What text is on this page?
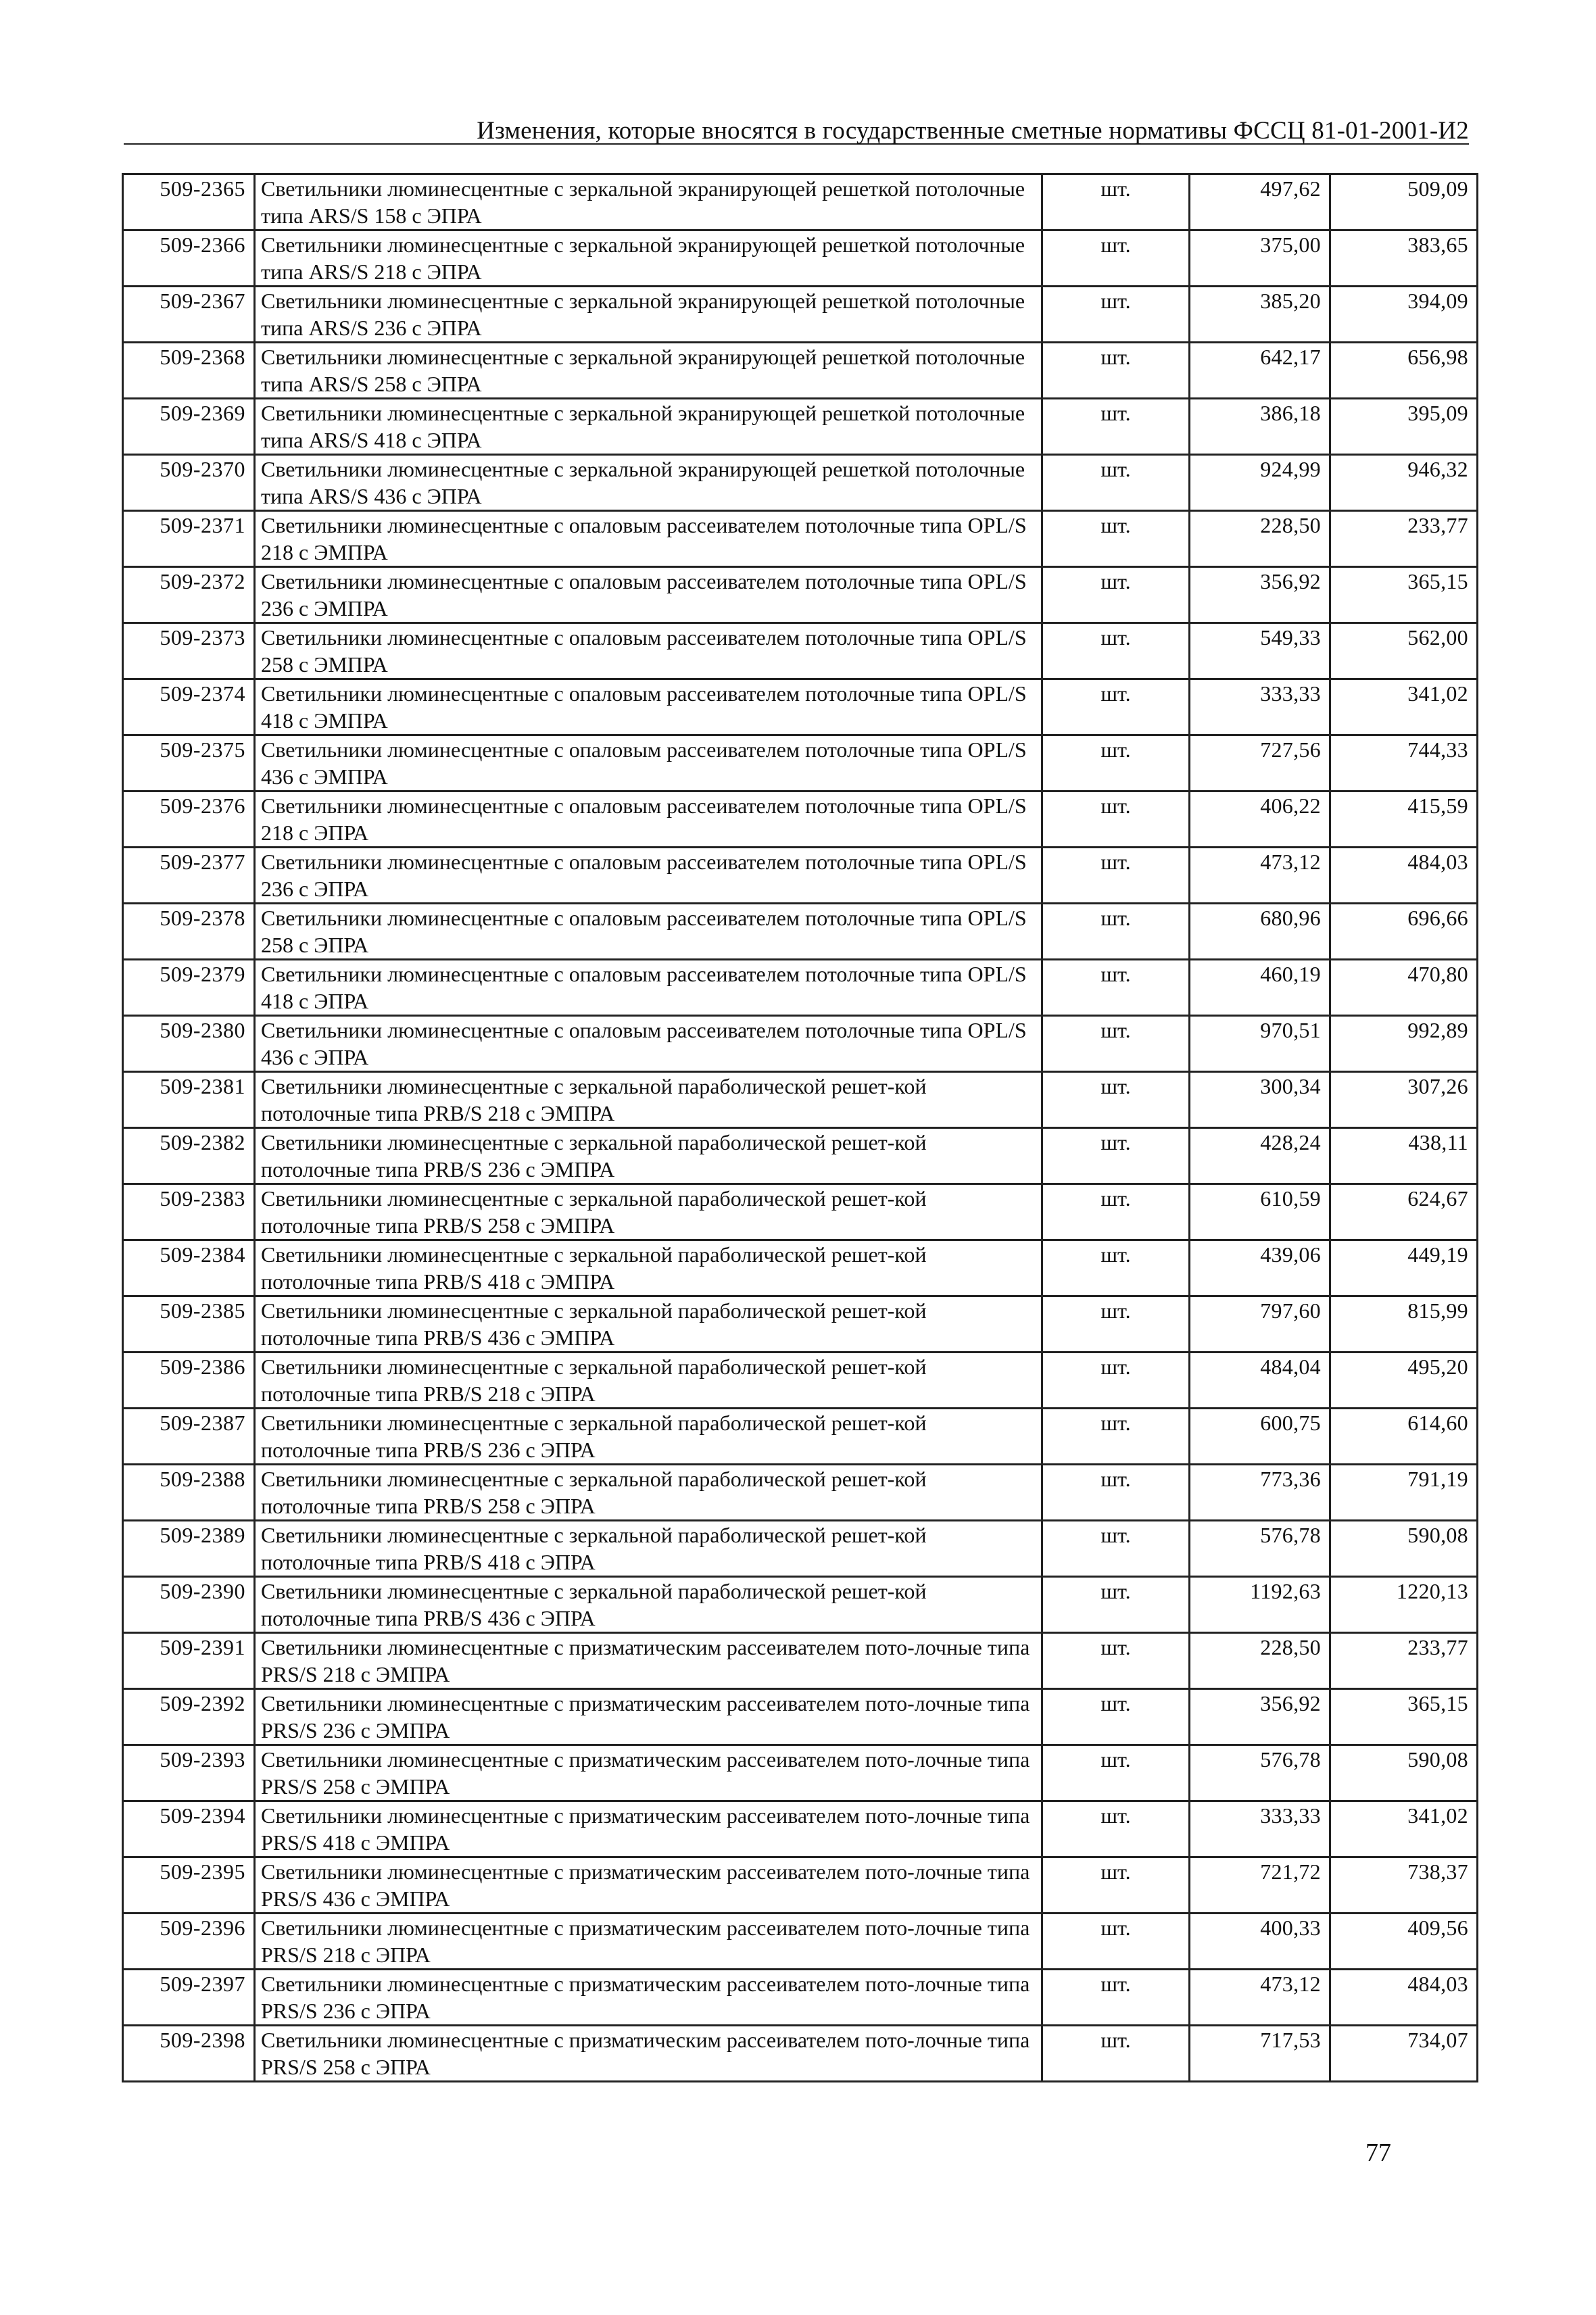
Изменения, которые вносятся в государственные сметные нормативы ФССЦ 81-01-2001-И2
509-2365	Светильники люминесцентные с зеркальной экранирующей решеткой потолочные типа ARS/S 158 с ЭПРА	шт.	497,62	509,09
509-2366	Светильники люминесцентные с зеркальной экранирующей решеткой потолочные типа ARS/S 218 с ЭПРА	шт.	375,00	383,65
509-2367	Светильники люминесцентные с зеркальной экранирующей решеткой потолочные типа ARS/S 236 с ЭПРА	шт.	385,20	394,09
509-2368	Светильники люминесцентные с зеркальной экранирующей решеткой потолочные типа ARS/S 258 с ЭПРА	шт.	642,17	656,98
509-2369	Светильники люминесцентные с зеркальной экранирующей решеткой потолочные типа ARS/S 418 с ЭПРА	шт.	386,18	395,09
509-2370	Светильники люминесцентные с зеркальной экранирующей решеткой потолочные типа ARS/S 436 с ЭПРА	шт.	924,99	946,32
509-2371	Светильники люминесцентные с опаловым рассеивателем потолочные типа OPL/S 218 с ЭМПРА	шт.	228,50	233,77
509-2372	Светильники люминесцентные с опаловым рассеивателем потолочные типа OPL/S 236 с ЭМПРА	шт.	356,92	365,15
509-2373	Светильники люминесцентные с опаловым рассеивателем потолочные типа OPL/S 258 с ЭМПРА	шт.	549,33	562,00
509-2374	Светильники люминесцентные с опаловым рассеивателем потолочные типа OPL/S 418 с ЭМПРА	шт.	333,33	341,02
509-2375	Светильники люминесцентные с опаловым рассеивателем потолочные типа OPL/S 436 с ЭМПРА	шт.	727,56	744,33
509-2376	Светильники люминесцентные с опаловым рассеивателем потолочные типа OPL/S 218 с ЭПРА	шт.	406,22	415,59
509-2377	Светильники люминесцентные с опаловым рассеивателем потолочные типа OPL/S 236 с ЭПРА	шт.	473,12	484,03
509-2378	Светильники люминесцентные с опаловым рассеивателем потолочные типа OPL/S 258 с ЭПРА	шт.	680,96	696,66
509-2379	Светильники люминесцентные с опаловым рассеивателем потолочные типа OPL/S 418 с ЭПРА	шт.	460,19	470,80
509-2380	Светильники люминесцентные с опаловым рассеивателем потолочные типа OPL/S 436 с ЭПРА	шт.	970,51	992,89
509-2381	Светильники люминесцентные с зеркальной параболической решет-кой потолочные типа PRB/S 218 с ЭМПРА	шт.	300,34	307,26
509-2382	Светильники люминесцентные с зеркальной параболической решет-кой потолочные типа PRB/S 236 с ЭМПРА	шт.	428,24	438,11
509-2383	Светильники люминесцентные с зеркальной параболической решет-кой потолочные типа PRB/S 258 с ЭМПРА	шт.	610,59	624,67
509-2384	Светильники люминесцентные с зеркальной параболической решет-кой потолочные типа PRB/S 418 с ЭМПРА	шт.	439,06	449,19
509-2385	Светильники люминесцентные с зеркальной параболической решет-кой потолочные типа PRB/S 436 с ЭМПРА	шт.	797,60	815,99
509-2386	Светильники люминесцентные с зеркальной параболической решет-кой потолочные типа PRB/S 218 с ЭПРА	шт.	484,04	495,20
509-2387	Светильники люминесцентные с зеркальной параболической решет-кой потолочные типа PRB/S 236 с ЭПРА	шт.	600,75	614,60
509-2388	Светильники люминесцентные с зеркальной параболической решет-кой потолочные типа PRB/S 258 с ЭПРА	шт.	773,36	791,19
509-2389	Светильники люминесцентные с зеркальной параболической решет-кой потолочные типа PRB/S 418 с ЭПРА	шт.	576,78	590,08
509-2390	Светильники люминесцентные с зеркальной параболической решет-кой потолочные типа PRB/S 436 с ЭПРА	шт.	1192,63	1220,13
509-2391	Светильники люминесцентные с призматическим рассеивателем пото-лочные типа PRS/S 218 с ЭМПРА	шт.	228,50	233,77
509-2392	Светильники люминесцентные с призматическим рассеивателем пото-лочные типа PRS/S 236 с ЭМПРА	шт.	356,92	365,15
509-2393	Светильники люминесцентные с призматическим рассеивателем пото-лочные типа PRS/S 258 с ЭМПРА	шт.	576,78	590,08
509-2394	Светильники люминесцентные с призматическим рассеивателем пото-лочные типа PRS/S 418 с ЭМПРА	шт.	333,33	341,02
509-2395	Светильники люминесцентные с призматическим рассеивателем пото-лочные типа PRS/S 436 с ЭМПРА	шт.	721,72	738,37
509-2396	Светильники люминесцентные с призматическим рассеивателем пото-лочные типа PRS/S 218 с ЭПРА	шт.	400,33	409,56
509-2397	Светильники люминесцентные с призматическим рассеивателем пото-лочные типа PRS/S 236 с ЭПРА	шт.	473,12	484,03
509-2398	Светильники люминесцентные с призматическим рассеивателем пото-лочные типа PRS/S 258 с ЭПРА	шт.	717,53	734,07
77
